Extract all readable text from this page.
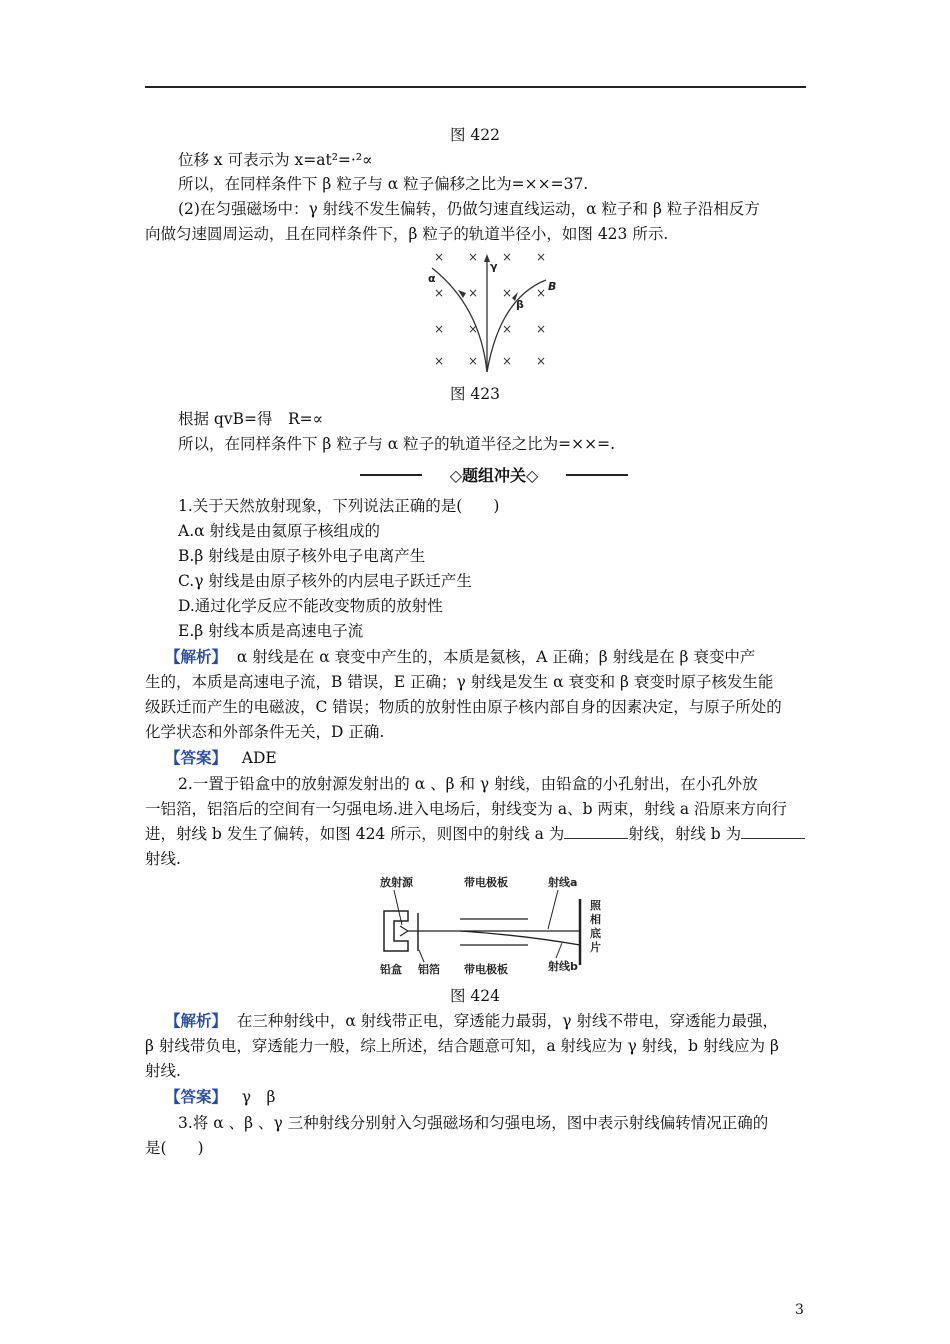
图 422
位移 x 可表示为 x=at²=·²∝
所以，在同样条件下 β 粒子与 α 粒子偏移之比为=××=37.
(2)在匀强磁场中：γ 射线不发生偏转，仍做匀速直线运动，α 粒子和 β 粒子沿相反方
向做匀速圆周运动，且在同样条件下，β 粒子的轨道半径小，如图 423 所示.
× × × ×
× × × ×
× × × ×
× × × ×
α
γ
β
B
图 423
根据 qvB=得　R=∝
所以，在同样条件下 β 粒子与 α 粒子的轨道半径之比为=××=.
◇题组冲关◇
1.关于天然放射现象，下列说法正确的是(　　)
A.α 射线是由氦原子核组成的
B.β 射线是由原子核外电子电离产生
C.γ 射线是由原子核外的内层电子跃迁产生
D.通过化学反应不能改变物质的放射性
E.β 射线本质是高速电子流
【解析】 α 射线是在 α 衰变中产生的，本质是氦核，A 正确；β 射线是在 β 衰变中产
生的，本质是高速电子流，B 错误，E 正确；γ 射线是发生 α 衰变和 β 衰变时原子核发生能
级跃迁而产生的电磁波，C 错误；物质的放射性由原子核内部自身的因素决定，与原子所处的
化学状态和外部条件无关，D 正确.
【答案】 ADE
2.一置于铅盒中的放射源发射出的 α 、β 和 γ 射线，由铅盒的小孔射出，在小孔外放
一铝箔，铝箔后的空间有一匀强电场.进入电场后，射线变为 a、b 两束，射线 a 沿原来方向行
进，射线 b 发生了偏转，如图 424 所示，则图中的射线 a 为	射线，射线 b 为
射线.
放射源	带电极板	射线a
照
相
底
片
铅盒 铝箔 带电极板	射线b
图 424
【解析】 在三种射线中，α 射线带正电，穿透能力最弱，γ 射线不带电，穿透能力最强，
β 射线带负电，穿透能力一般，综上所述，结合题意可知，a 射线应为 γ 射线，b 射线应为 β
射线.
【答案】 γ　β
3.将 α 、β 、γ 三种射线分别射入匀强磁场和匀强电场，图中表示射线偏转情况正确的
是(　　)
3
